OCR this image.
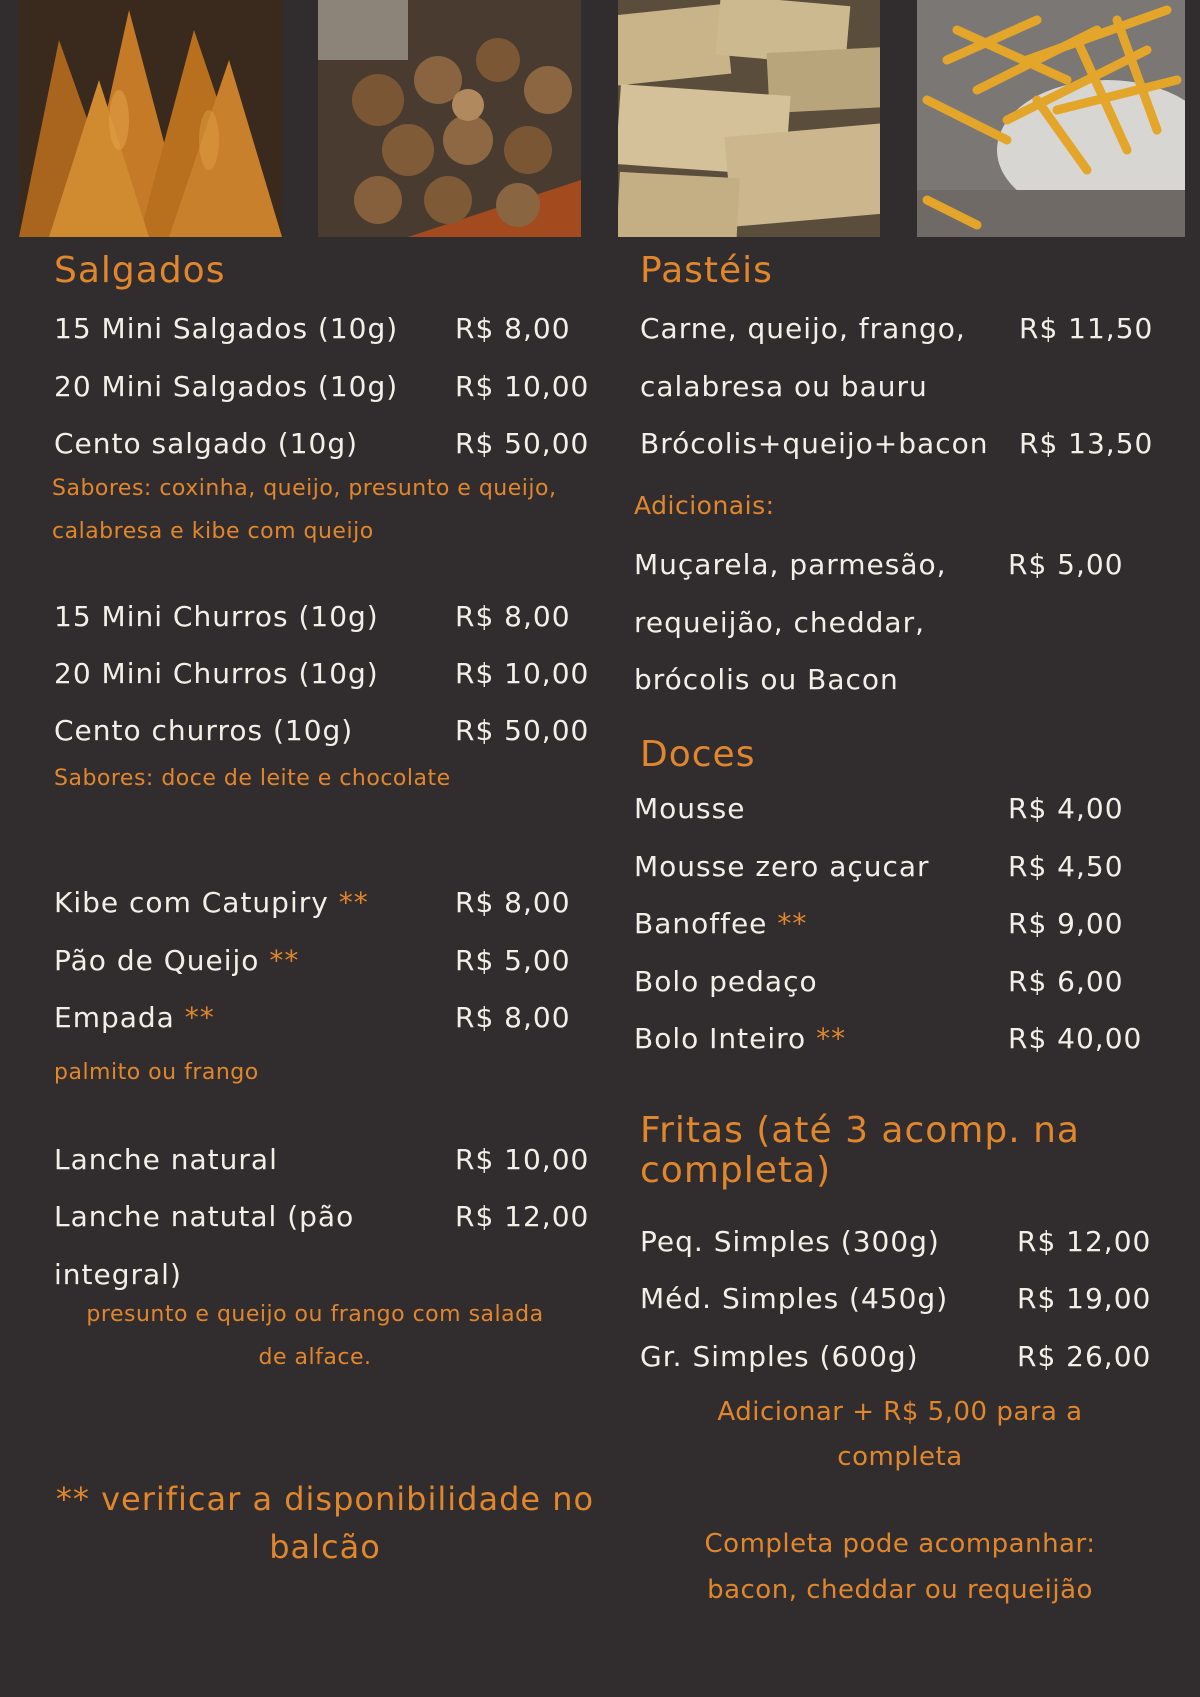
Salgados
15 Mini Salgados (10g) R$ 8,00
20 Mini Salgados (10g) R$ 10,00
Cento salgado (10g)	R$ 50,00
Sabores: coxinha, queijo, presunto e queijo,
calabresa e kibe com queijo
15 Mini Churros (10g)	R$ 8,00
20 Mini Churros (10g)	R$ 10,00
Cento churros (10g)	R$ 50,00
Sabores: doce de leite e chocolate
Kibe com Catupiry **	R$ 8,00
Pão de Queijo **	R$ 5,00
Empada **	R$ 8,00
palmito ou frango
Lanche natural	R$ 10,00
Lanche natutal (pão	R$ 12,00
integral)
presunto e queijo ou frango com salada
de alface.
** verificar a disponibilidade no
balcão
Pastéis
Carne, queijo, frango, R$ 11,50
calabresa ou bauru
Brócolis+queijo+bacon R$ 13,50
Adicionais:
Muçarela, parmesão, R$ 5,00
requeijão, cheddar,
brócolis ou Bacon
Doces
Mousse	R$ 4,00
Mousse zero açucar	R$ 4,50
Banoffee **	R$ 9,00
Bolo pedaço	R$ 6,00
Bolo Inteiro **	R$ 40,00
Fritas (até 3 acomp. na
completa)
Peq. Simples (300g)	R$ 12,00
Méd. Simples (450g) R$ 19,00
Gr. Simples (600g)	R$ 26,00
Adicionar + R$ 5,00 para a
completa
Completa pode acompanhar:
bacon, cheddar ou requeijão
